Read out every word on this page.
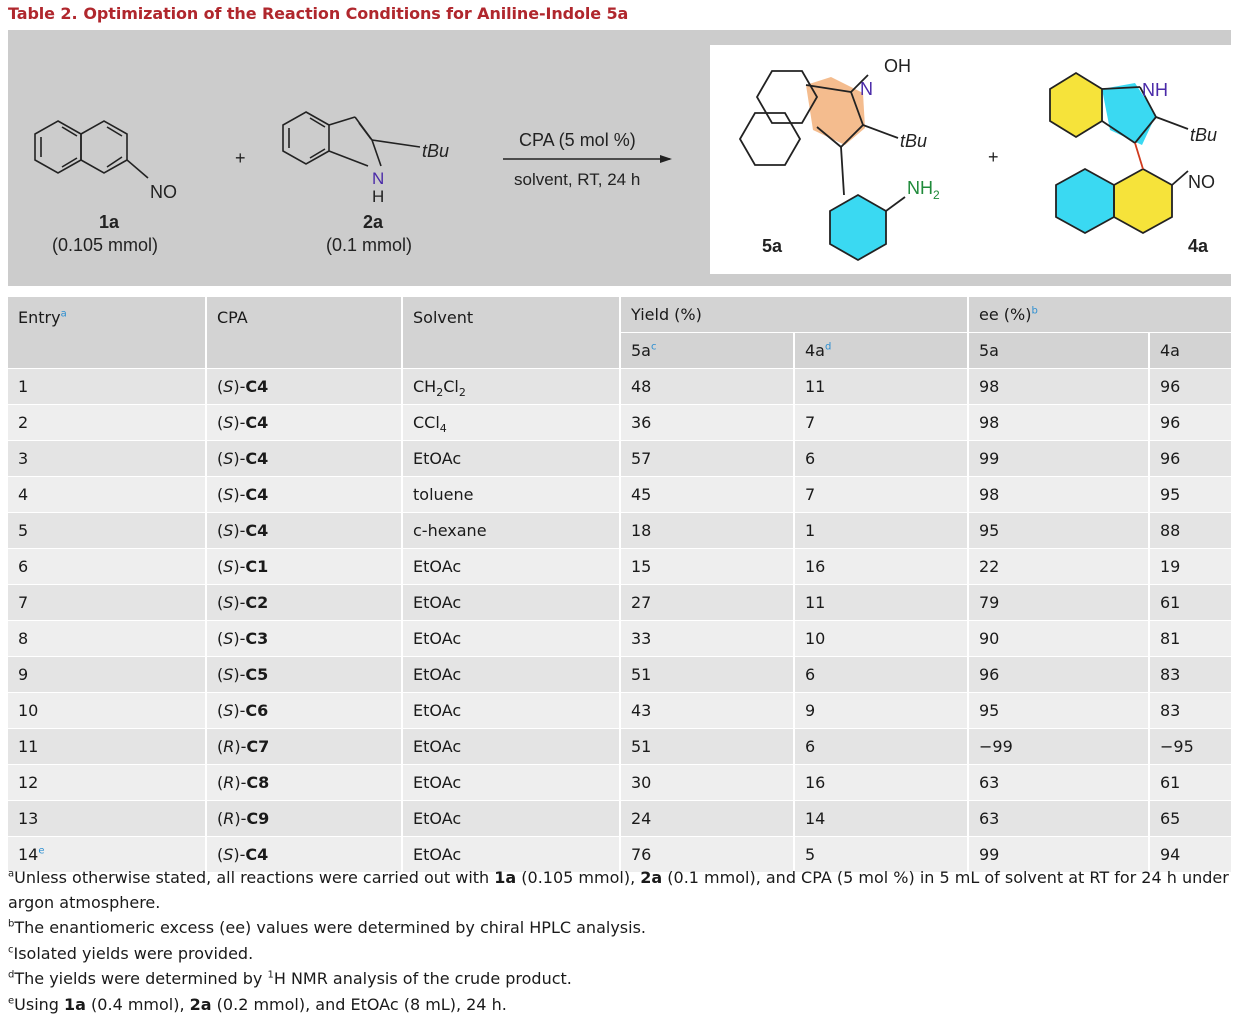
Table 2. Optimization of the Reaction Conditions for Aniline-Indole 5a
NO
1a
(0.105 mmol)
+
N
H
tBu
2a
(0.1 mmol)
CPA (5 mol %)
solvent, RT, 24 h
OH
N
tBu
$NH_2$
5a
+
NH
tBu
NO
4a
Entry$^a$	CPA	Solvent	Yield (%)		ee (%)$^b$
			5a$^c$	4a$^d$	5a	4a
1	(S)-C4	$CH_2Cl_2$	48	11	98	96
2	(S)-C4	CCl$_4$	36	7	98	96
3	(S)-C4	EtOAc	57	6	99	96
4	(S)-C4	toluene	45	7	98	95
5	(S)-C4	c-hexane	18	1	95	88
6	(S)-C1	EtOAc	15	16	22	19
7	(S)-C2	EtOAc	27	11	79	61
8	(S)-C3	EtOAc	33	10	90	81
9	(S)-C5	EtOAc	51	6	96	83
10	(S)-C6	EtOAc	43	9	95	83
11	(R)-C7	EtOAc	51	6	−99	−95
12	(R)-C8	EtOAc	30	16	63	61
13	(R)-C9	EtOAc	24	14	63	65
14e	(S)-C4	EtOAc	76	5	99	94

$^a$Unless otherwise stated, all reactions were carried out with 1a (0.105 mmol), 2a (0.1 mmol), and CPA (5 mol %) in 5 mL of solvent at RT for 24 h under argon atmosphere.

$^b$The enantiomeric excess (ee) values were determined by chiral HPLC analysis.

$^c$Isolated yields were provided.

$^d$The yields were determined by $^1$H NMR analysis of the crude product.

$^e$Using 1a (0.4 mmol), 2a (0.2 mmol), and EtOAc (8 mL), 24 h.
